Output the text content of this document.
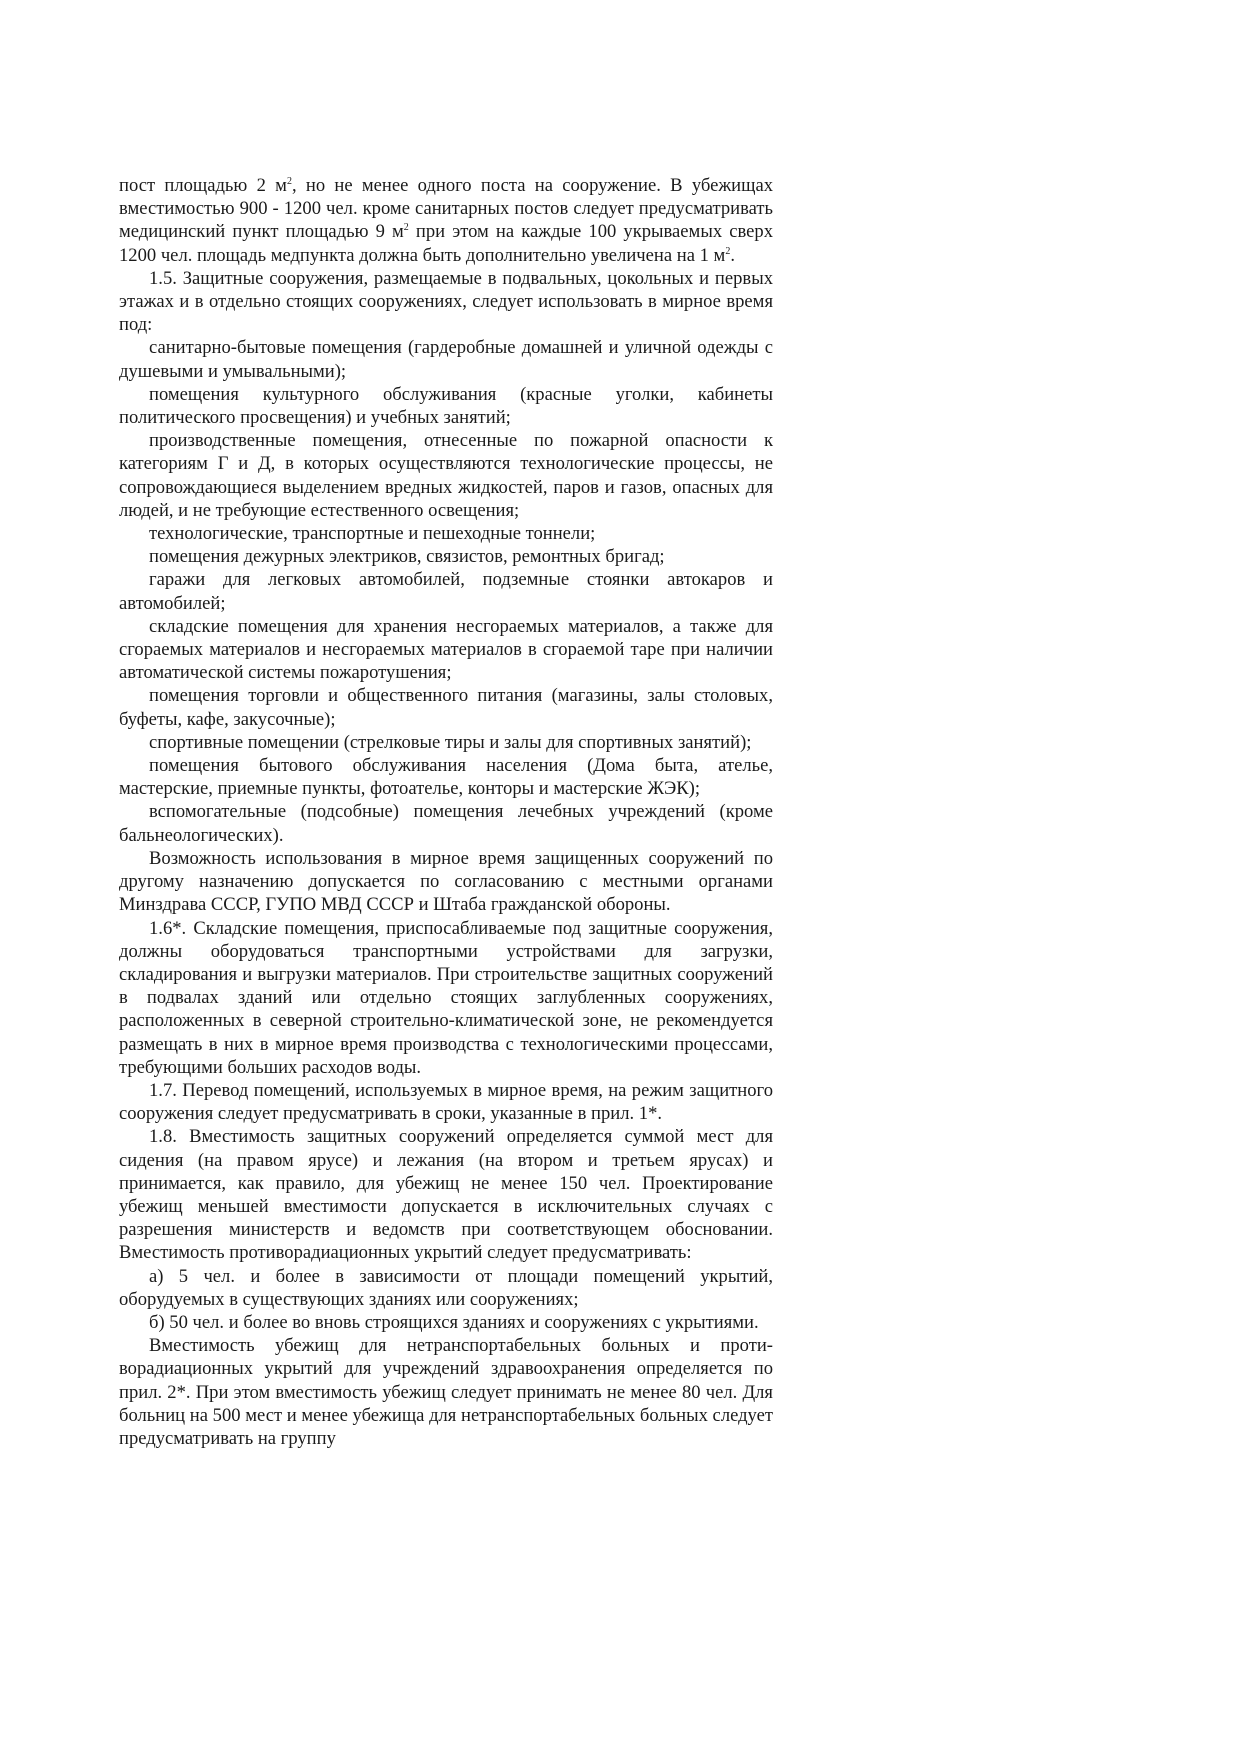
пост площадью 2 $м^2$, но не менее одного поста на сооружение. В убежищах вместимостью 900 - 1200 чел. кроме санитарных постов следует предусматривать медицинский пункт площадью 9 $м^2$ при этом на каждые 100 укрываемых сверх 1200 чел. площадь медпункта должна быть дополнительно увеличена на 1 $м^2$.

1.5. Защитные сооружения, размещаемые в подвальных, цокольных и первых этажах и в отдельно стоящих сооружениях, следует использовать в мирное время под:

санитарно-бытовые помещения (гардеробные домашней и уличной одежды с душевыми и умывальными);

помещения культурного обслуживания (красные уголки, кабинеты политического просвещения) и учебных занятий;

производственные помещения, отнесенные по пожарной опасности к категориям Г и Д, в которых осуществляются технологические процессы, не сопровождающиеся выделением вредных жидкостей, паров и газов, опасных для людей, и не требующие естественного освещения;

технологические, транспортные и пешеходные тоннели;

помещения дежурных электриков, связистов, ремонтных бригад;

гаражи для легковых автомобилей, подземные стоянки автокаров и автомобилей;

складские помещения для хранения несгораемых материалов, а также для сгораемых материалов и несгораемых материалов в сгораемой таре при наличии автоматической системы пожаротушения;

помещения торговли и общественного питания (магазины, залы столовых, буфеты, кафе, закусочные);

спортивные помещении (стрелковые тиры и залы для спортивных занятий);

помещения бытового обслуживания населения (Дома быта, ателье, мастерские, приемные пункты, фотоателье, конторы и мастерские ЖЭК);

вспомогательные (подсобные) помещения лечебных учреждений (кроме бальнеологических).

Возможность использования в мирное время защищенных сооружений по другому назначению допускается по согласованию с местными органами Минздрава СССР, ГУПО МВД СССР и Штаба гражданской обороны.

1.6*. Складские помещения, приспосабливаемые под защитные сооружения, должны оборудоваться транспортными устройствами для загрузки, складирования и выгрузки материалов. При строительстве защитных сооружений в подвалах зданий или отдельно стоящих заглубленных сооружениях, расположенных в северной строительно-климатической зоне, не рекомендуется размещать в них в мирное время производства с технологическими процессами, требующими больших расходов воды.

1.7. Перевод помещений, используемых в мирное время, на режим защитного сооружения следует предусматривать в сроки, указанные в прил. 1*.

1.8. Вместимость защитных сооружений определяется суммой мест для сидения (на правом ярусе) и лежания (на втором и третьем ярусах) и принимается, как правило, для убежищ не менее 150 чел. Проектирование убежищ меньшей вместимости допускается в исключительных случаях с разрешения министерств и ведомств при соответствующем обосновании. Вместимость противорадиационных укрытий следует предусматривать:

а) 5 чел. и более в зависимости от площади помещений укрытий, оборудуемых в существующих зданиях или сооружениях;

б) 50 чел. и более во вновь строящихся зданиях и сооружениях с укрытиями.

Вместимость убежищ для нетранспортабельных больных и противорадиационных укрытий для учреждений здравоохранения определяется по прил. 2*. При этом вместимость убежищ следует принимать не менее 80 чел. Для больниц на 500 мест и менее убежища для нетранспортабельных больных следует предусматривать на группу
